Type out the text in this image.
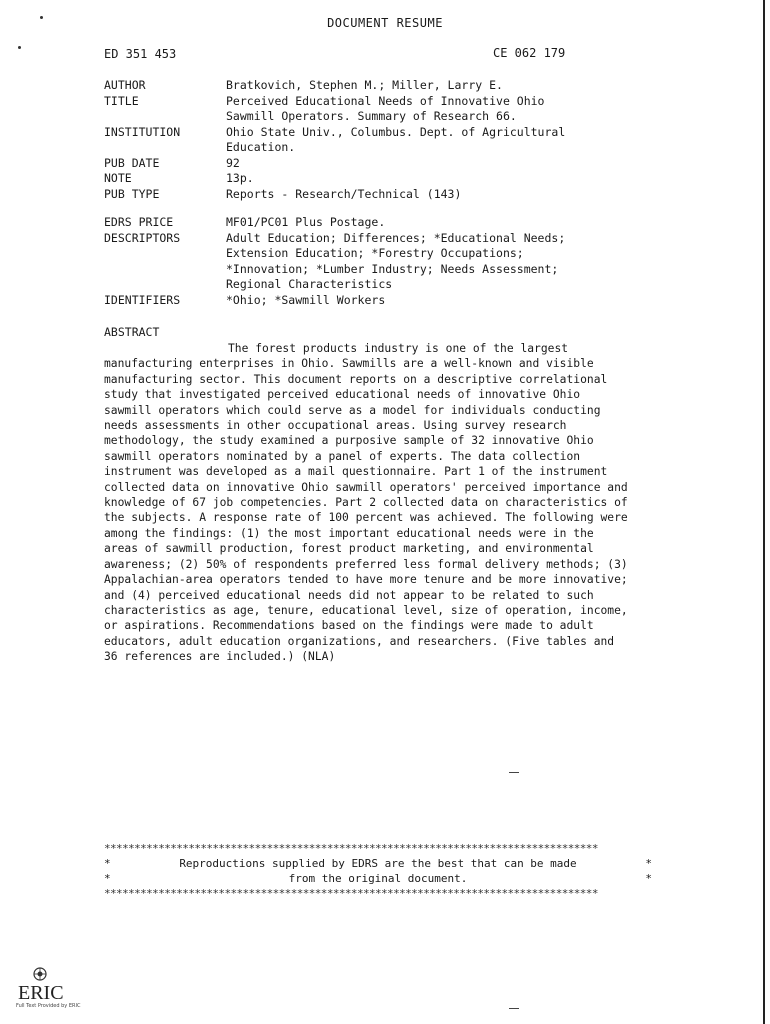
DOCUMENT RESUME
ED 351 453	CE 062 179
AUTHOR	Bratkovich, Stephen M.; Miller, Larry E.
TITLE	Perceived Educational Needs of Innovative Ohio
Sawmill Operators. Summary of Research 66.
INSTITUTION	Ohio State Univ., Columbus. Dept. of Agricultural
Education.
PUB DATE	92
NOTE	13p.
PUB TYPE	Reports - Research/Technical (143)
EDRS PRICE	MF01/PC01 Plus Postage.
DESCRIPTORS	Adult Education; Differences; *Educational Needs;
Extension Education; *Forestry Occupations;
*Innovation; *Lumber Industry; Needs Assessment;
Regional Characteristics
IDENTIFIERS	*Ohio; *Sawmill Workers
ABSTRACT
The forest products industry is one of the largest manufacturing enterprises in Ohio. Sawmills are a well-known and visible manufacturing sector. This document reports on a descriptive correlational study that investigated perceived educational needs of innovative Ohio sawmill operators which could serve as a model for individuals conducting needs assessments in other occupational areas. Using survey research methodology, the study examined a purposive sample of 32 innovative Ohio sawmill operators nominated by a panel of experts. The data collection instrument was developed as a mail questionnaire. Part 1 of the instrument collected data on innovative Ohio sawmill operators' perceived importance and knowledge of 67 job competencies. Part 2 collected data on characteristics of the subjects. A response rate of 100 percent was achieved. The following were among the findings: (1) the most important educational needs were in the areas of sawmill production, forest product marketing, and environmental awareness; (2) 50% of respondents preferred less formal delivery methods; (3) Appalachian-area operators tended to have more tenure and be more innovative; and (4) perceived educational needs did not appear to be related to such characteristics as age, tenure, educational level, size of operation, income, or aspirations. Recommendations based on the findings were made to adult educators, adult education organizations, and researchers. (Five tables and 36 references are included.) (NLA)
**********************************************************************************
*	Reproductions supplied by EDRS are the best that can be made	*
*	from the original document.	*
**********************************************************************************
ERIC
Full Text Provided by ERIC
